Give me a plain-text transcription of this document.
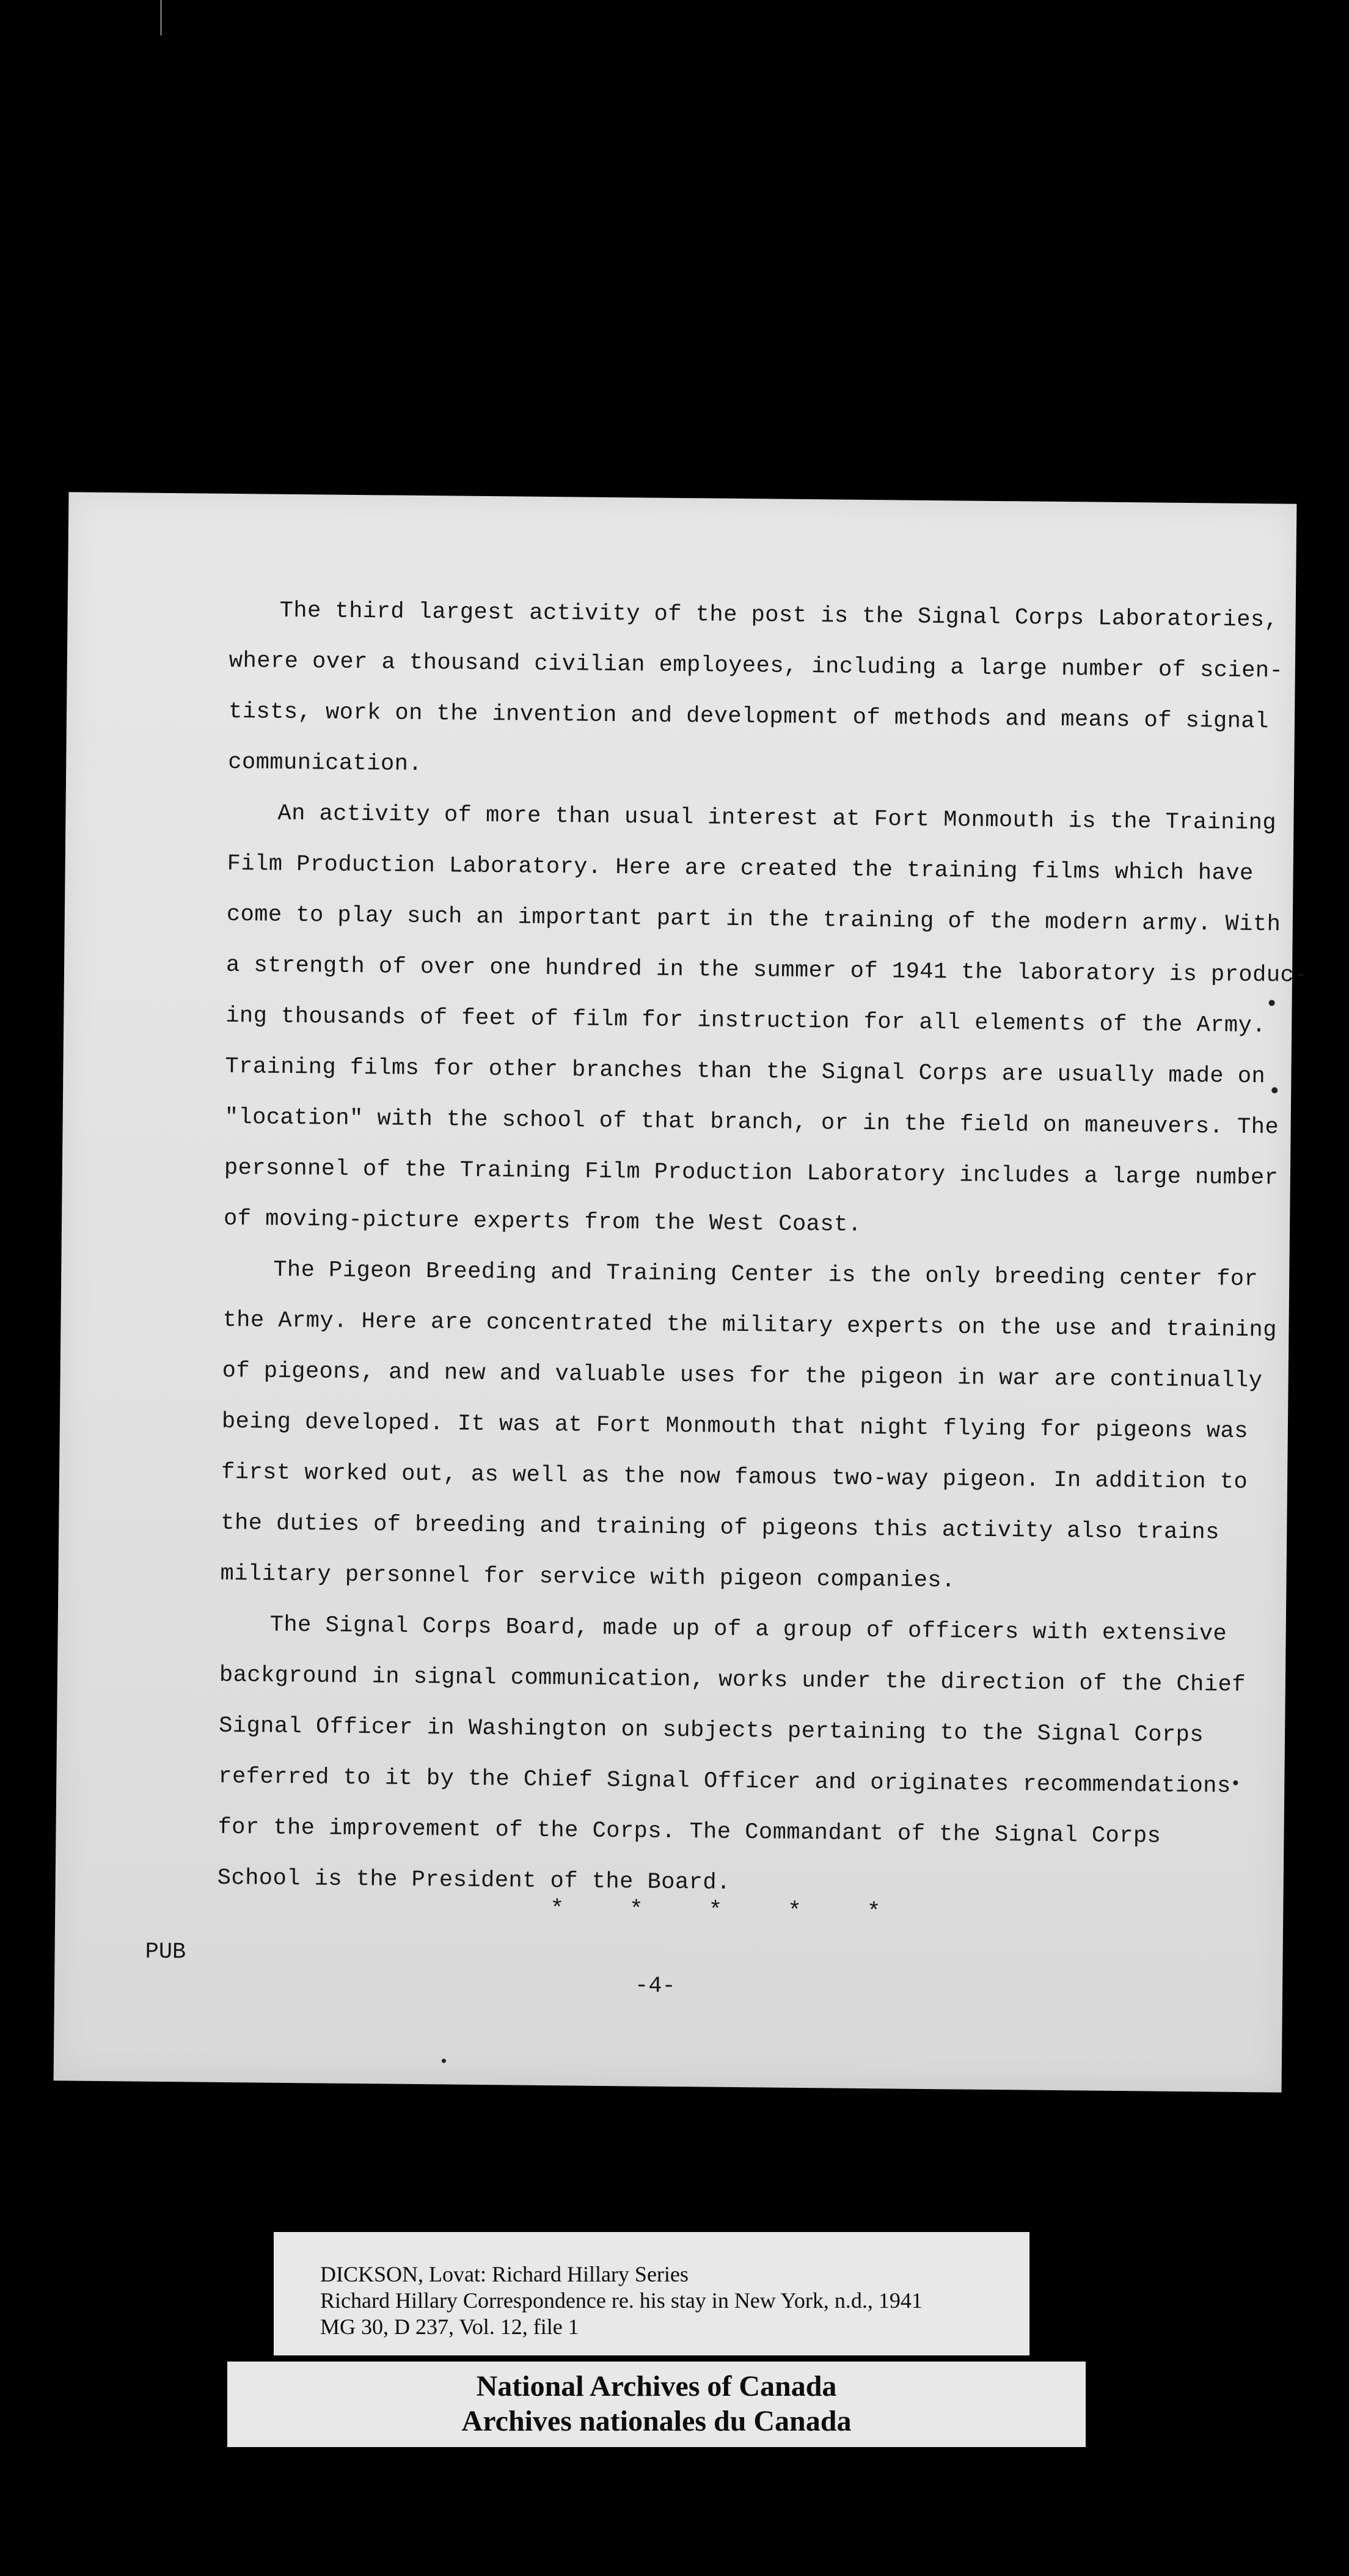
The third largest activity of the post is the Signal Corps Laboratories,
where over a thousand civilian employees, including a large number of scien-
tists, work on the invention and development of methods and means of signal
communication.

An activity of more than usual interest at Fort Monmouth is the Training
Film Production Laboratory. Here are created the training films which have
come to play such an important part in the training of the modern army. With
a strength of over one hundred in the summer of 1941 the laboratory is produc-
ing thousands of feet of film for instruction for all elements of the Army.
Training films for other branches than the Signal Corps are usually made on
"location" with the school of that branch, or in the field on maneuvers. The
personnel of the Training Film Production Laboratory includes a large number
of moving-picture experts from the West Coast.

The Pigeon Breeding and Training Center is the only breeding center for
the Army. Here are concentrated the military experts on the use and training
of pigeons, and new and valuable uses for the pigeon in war are continually
being developed. It was at Fort Monmouth that night flying for pigeons was
first worked out, as well as the now famous two-way pigeon. In addition to
the duties of breeding and training of pigeons this activity also trains
military personnel for service with pigeon companies.

The Signal Corps Board, made up of a group of officers with extensive
background in signal communication, works under the direction of the Chief
Signal Officer in Washington on subjects pertaining to the Signal Corps
referred to it by the Chief Signal Officer and originates recommendations
for the improvement of the Corps. The Commandant of the Signal Corps
School is the President of the Board.

* * * * *
PUB
-4-
DICKSON, Lovat: Richard Hillary Series
Richard Hillary Correspondence re. his stay in New York, n.d., 1941
MG 30, D 237, Vol. 12, file 1
National Archives of Canada
Archives nationales du Canada
